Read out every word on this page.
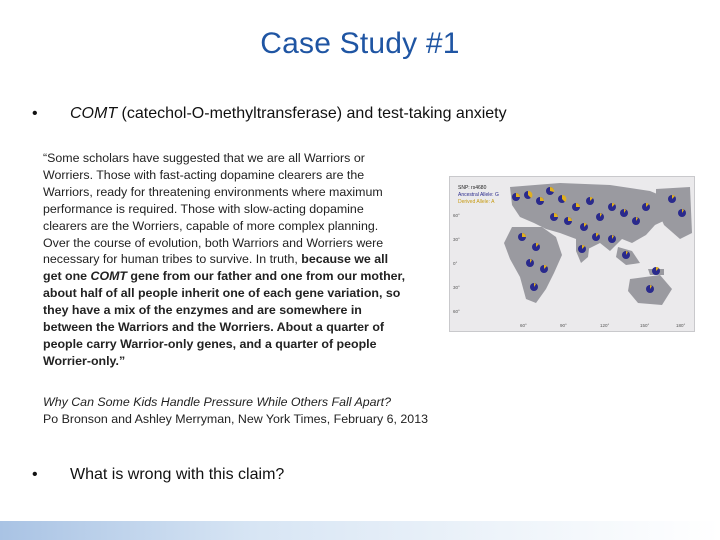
Case Study #1
• COMT (catechol-O-methyltransferase) and test-taking anxiety
“Some scholars have suggested that we are all Warriors or
Worriers. Those with fast-acting dopamine clearers are the
Warriors, ready for threatening environments where maximum
performance is required. Those with slow-acting dopamine
clearers are the Worriers, capable of more complex planning.
Over the course of evolution, both Warriors and Worriers were
necessary for human tribes to survive. In truth, because we all
get one COMT gene from our father and one from our mother,
about half of all people inherit one of each gene variation, so
they have a mix of the enzymes and are somewhere in
between the Warriors and the Worriers. About a quarter of
people carry Warrior-only genes, and a quarter of people
Worrier-only.”
SNP: rs4680
Ancestral Allele: G
Derived Allele: A
60°
30°
0°
30°
60°
60°	90°	120°	150°	180°
Why Can Some Kids Handle Pressure While Others Fall Apart?
Po Bronson and Ashley Merryman, New York Times, February 6, 2013
• What is wrong with this claim?
